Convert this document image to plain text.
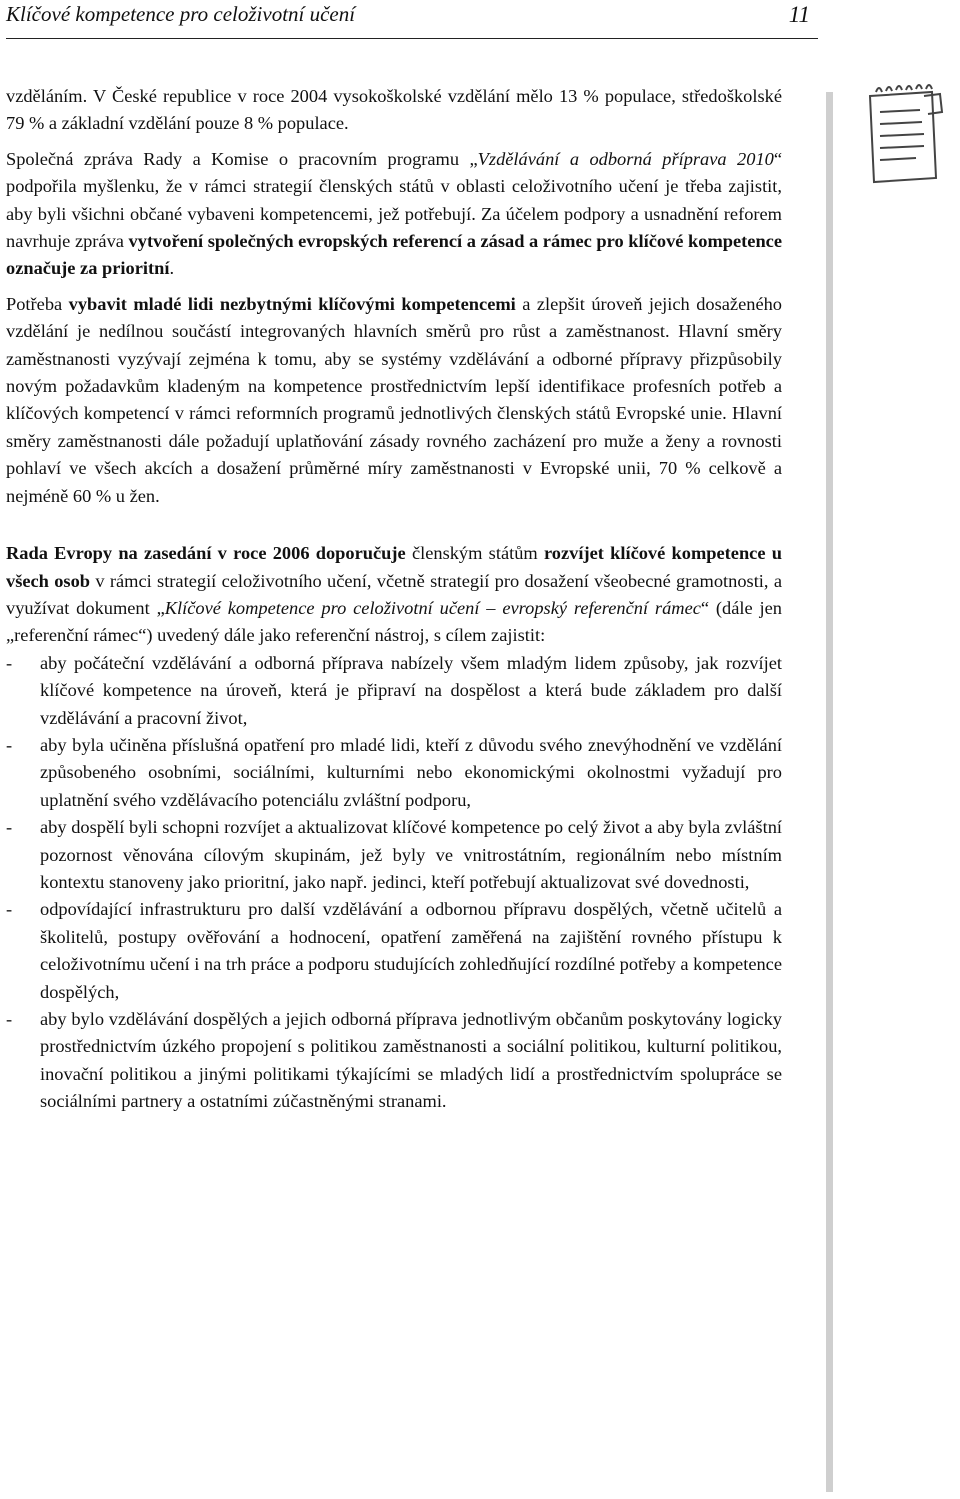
Klíčové kompetence pro celoživotní učení	11

vzděláním. V České republice v roce 2004 vysokoškolské vzdělání mělo 13 % populace, středoškolské 79 % a základní vzdělání pouze 8 % populace.

Společná zpráva Rady a Komise o pracovním programu „Vzdělávání a odborná příprava 2010“ podpořila myšlenku, že v rámci strategií členských států v oblasti celoživotního učení je třeba zajistit, aby byli všichni občané vybaveni kompetencemi, jež potřebují. Za účelem podpory a usnadnění reforem navrhuje zpráva vytvoření společných evropských referencí a zásad a rámec pro klíčové kompetence označuje za prioritní.

Potřeba vybavit mladé lidi nezbytnými klíčovými kompetencemi a zlepšit úroveň jejich dosaženého vzdělání je nedílnou součástí integrovaných hlavních směrů pro růst a zaměstnanost. Hlavní směry zaměstnanosti vyzývají zejména k tomu, aby se systémy vzdělávání a odborné přípravy přizpůsobily novým požadavkům kladeným na kompetence prostřednictvím lepší identifikace profesních potřeb a klíčových kompetencí v rámci reformních programů jednotlivých členských států Evropské unie. Hlavní směry zaměstnanosti dále požadují uplatňování zásady rovného zacházení pro muže a ženy a rovnosti pohlaví ve všech akcích a dosažení průměrné míry zaměstnanosti v Evropské unii, 70 % celkově a nejméně 60 % u žen.

Rada Evropy na zasedání v roce 2006 doporučuje členským státům rozvíjet klíčové kompetence u všech osob v rámci strategií celoživotního učení, včetně strategií pro dosažení všeobecné gramotnosti, a využívat dokument „Klíčové kompetence pro celoživotní učení – evropský referenční rámec“ (dále jen „referenční rámec“) uvedený dále jako referenční nástroj, s cílem zajistit:

- aby počáteční vzdělávání a odborná příprava nabízely všem mladým lidem způsoby, jak rozvíjet klíčové kompetence na úroveň, která je připraví na dospělost a která bude základem pro další vzdělávání a pracovní život,
- aby byla učiněna příslušná opatření pro mladé lidi, kteří z důvodu svého znevýhodnění ve vzdělání způsobeného osobními, sociálními, kulturními nebo ekonomickými okolnostmi vyžadují pro uplatnění svého vzdělávacího potenciálu zvláštní podporu,
- aby dospělí byli schopni rozvíjet a aktualizovat klíčové kompetence po celý život a aby byla zvláštní pozornost věnována cílovým skupinám, jež byly ve vnitrostátním, regionálním nebo místním kontextu stanoveny jako prioritní, jako např. jedinci, kteří potřebují aktualizovat své dovednosti,
- odpovídající infrastrukturu pro další vzdělávání a odbornou přípravu dospělých, včetně učitelů a školitelů, postupy ověřování a hodnocení, opatření zaměřená na zajištění rovného přístupu k celoživotnímu učení i na trh práce a podporu studujících zohledňující rozdílné potřeby a kompetence dospělých,
- aby bylo vzdělávání dospělých a jejich odborná příprava jednotlivým občanům poskytovány logicky prostřednictvím úzkého propojení s politikou zaměstnanosti a sociální politikou, kulturní politikou, inovační politikou a jinými politikami týkajícími se mladých lidí a prostřednictvím spolupráce se sociálními partnery a ostatními zúčastněnými stranami.
